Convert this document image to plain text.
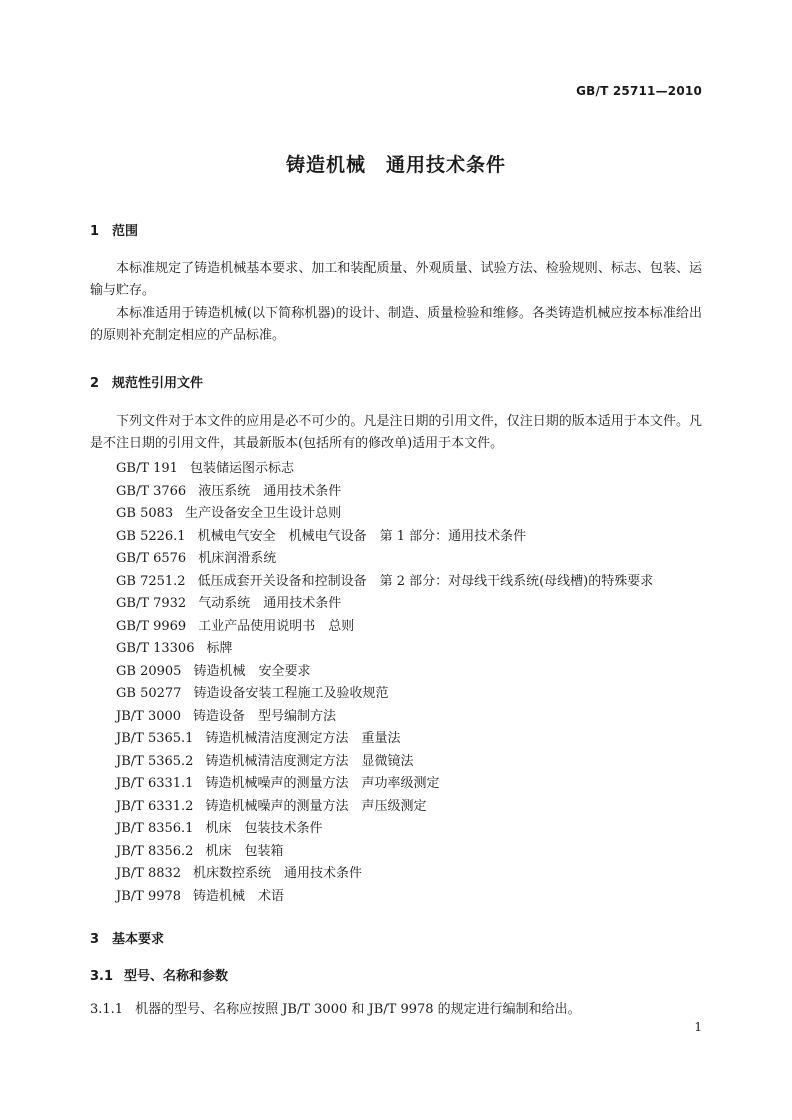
GB/T 25711—2010
铸造机械　通用技术条件
1 范围

本标准规定了铸造机械基本要求、加工和装配质量、外观质量、试验方法、检验规则、标志、包装、运输与贮存。

本标准适用于铸造机械(以下简称机器)的设计、制造、质量检验和维修。各类铸造机械应按本标准给出的原则补充制定相应的产品标准。

2 规范性引用文件

下列文件对于本文件的应用是必不可少的。凡是注日期的引用文件，仅注日期的版本适用于本文件。凡是不注日期的引用文件，其最新版本(包括所有的修改单)适用于本文件。

GB/T 191 包装储运图示标志
GB/T 3766 液压系统　通用技术条件
GB 5083 生产设备安全卫生设计总则
GB 5226.1 机械电气安全　机械电气设备　第 1 部分：通用技术条件
GB/T 6576 机床润滑系统
GB 7251.2 低压成套开关设备和控制设备　第 2 部分：对母线干线系统(母线槽)的特殊要求
GB/T 7932 气动系统　通用技术条件
GB/T 9969 工业产品使用说明书　总则
GB/T 13306 标牌
GB 20905 铸造机械　安全要求
GB 50277 铸造设备安装工程施工及验收规范
JB/T 3000 铸造设备　型号编制方法
JB/T 5365.1 铸造机械清洁度测定方法　重量法
JB/T 5365.2 铸造机械清洁度测定方法　显微镜法
JB/T 6331.1 铸造机械噪声的测量方法　声功率级测定
JB/T 6331.2 铸造机械噪声的测量方法　声压级测定
JB/T 8356.1 机床　包装技术条件
JB/T 8356.2 机床　包装箱
JB/T 8832 机床数控系统　通用技术条件
JB/T 9978 铸造机械　术语
3 基本要求
3.1 型号、名称和参数
3.1.1 机器的型号、名称应按照 JB/T 3000 和 JB/T 9978 的规定进行编制和给出。
1
